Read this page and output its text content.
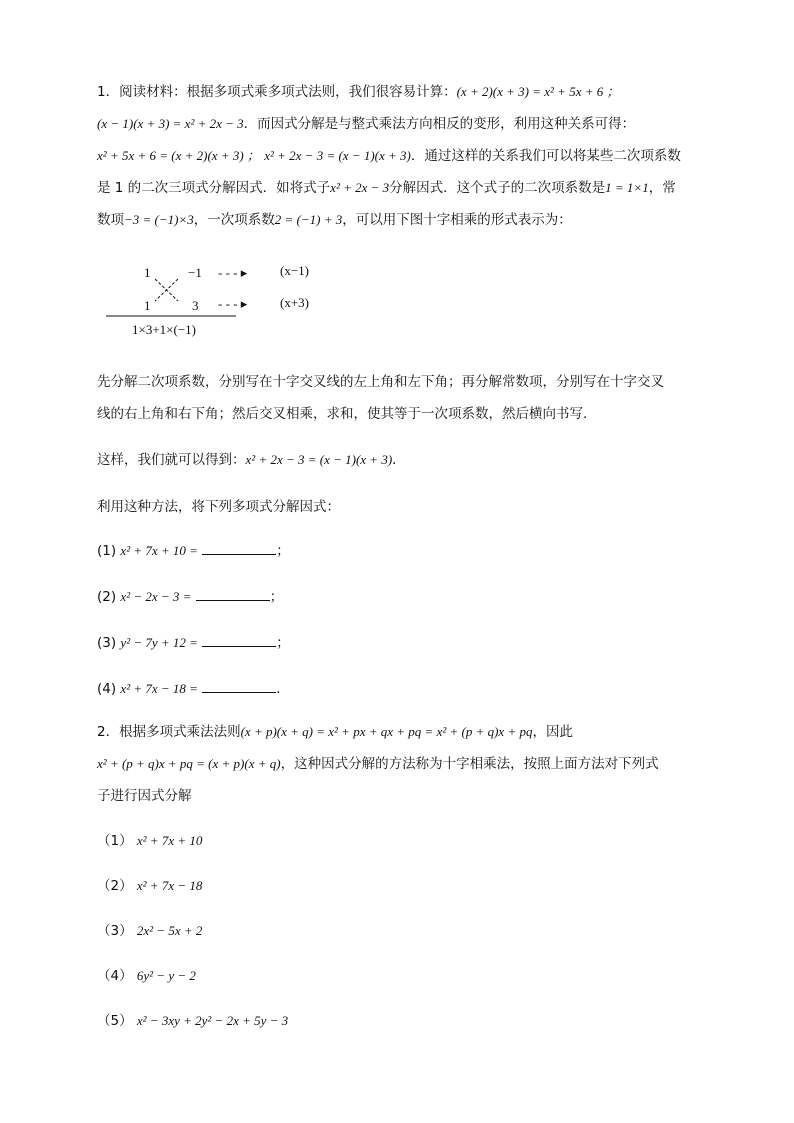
1．阅读材料：根据多项式乘多项式法则，我们很容易计算：(x + 2)(x + 3) = x² + 5x + 6 ；
(x − 1)(x + 3) = x² + 2x − 3．而因式分解是与整式乘法方向相反的变形，利用这种关系可得：
x² + 5x + 6 = (x + 2)(x + 3) ； x² + 2x − 3 = (x − 1)(x + 3)．通过这样的关系我们可以将某些二次项系数
是 1 的二次三项式分解因式．如将式子x² + 2x − 3分解因式．这个式子的二次项系数是1 = 1×1，常
数项−3 = (−1)×3，一次项系数2 = (−1) + 3，可以用下图十字相乘的形式表示为：
1	−1
1	3
- - - ▸
- - - ▸
(x−1)
(x+3)
1×3+1×(−1)
先分解二次项系数，分别写在十字交叉线的左上角和左下角；再分解常数项，分别写在十字交叉
线的右上角和右下角；然后交叉相乘，求和，使其等于一次项系数，然后横向书写．
这样，我们就可以得到：x² + 2x − 3 = (x − 1)(x + 3)．
利用这种方法，将下列多项式分解因式：
(1) x² + 7x + 10 =	；
(2) x² − 2x − 3 =	；
(3) y² − 7y + 12 =	；
(4) x² + 7x − 18 =	．
2．根据多项式乘法法则(x + p)(x + q) = x² + px + qx + pq = x² + (p + q)x + pq，因此
x² + (p + q)x + pq = (x + p)(x + q)，这种因式分解的方法称为十字相乘法，按照上面方法对下列式
子进行因式分解
（1） x² + 7x + 10
（2） x² + 7x − 18
（3） 2x² − 5x + 2
（4） 6y² − y − 2
（5） x² − 3xy + 2y² − 2x + 5y − 3
